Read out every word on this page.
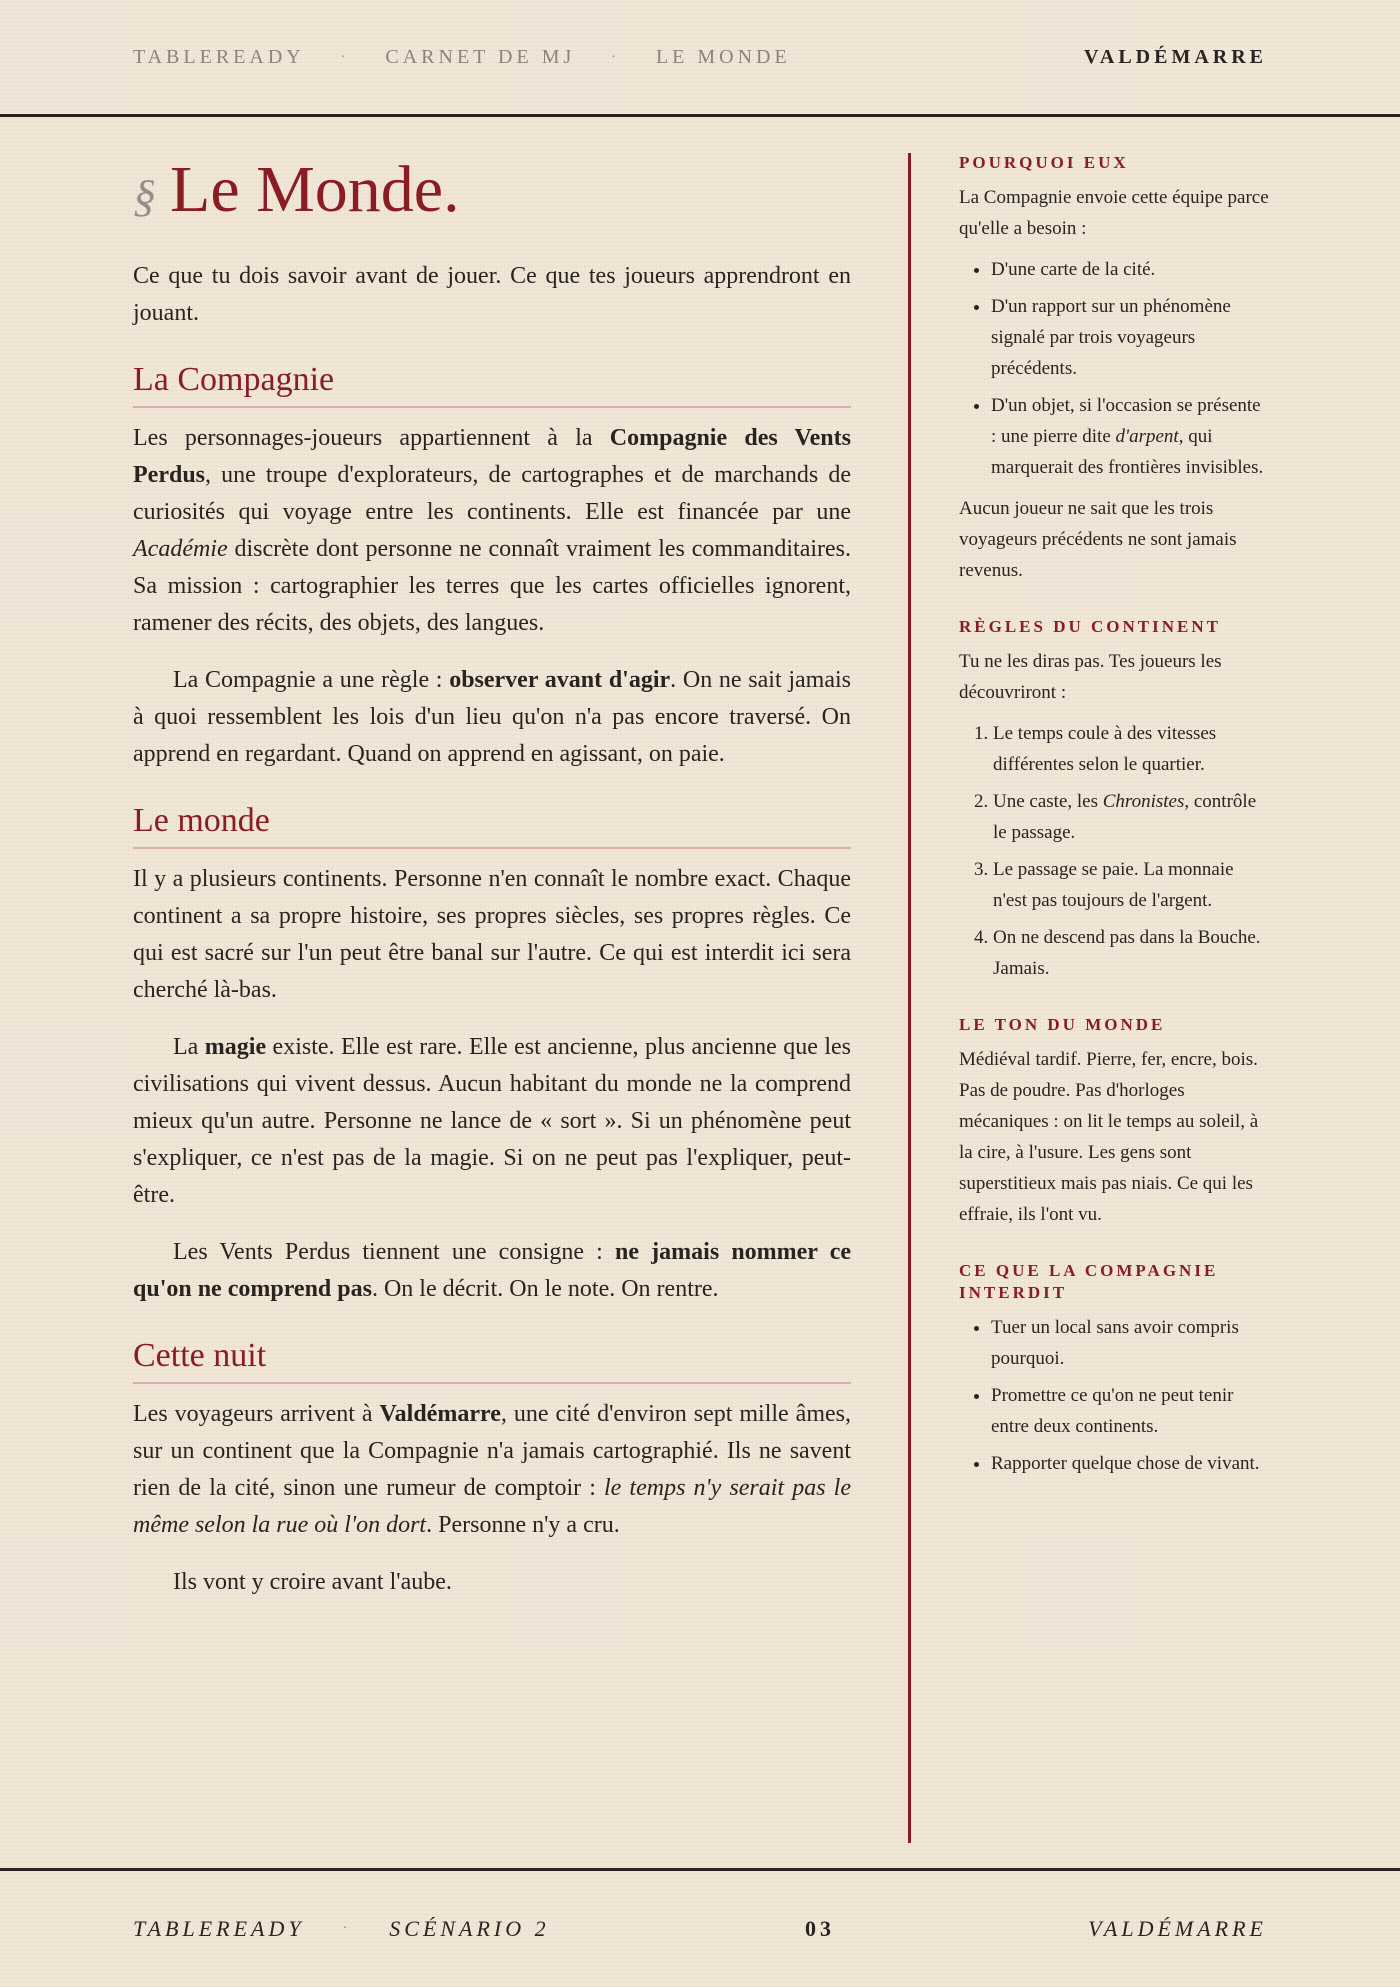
TABLEREADY	· CARNET DE MJ	· LE MONDE	VALDÉMARRE
§ Le Monde.

Ce que tu dois savoir avant de jouer. Ce que tes joueurs apprendront en jouant.

La Compagnie

Les personnages-joueurs appartiennent à la Compagnie des Vents Perdus, une troupe d'explorateurs, de cartographes et de marchands de curiosités qui voyage entre les continents. Elle est financée par une Académie discrète dont personne ne connaît vraiment les commanditaires. Sa mission : cartographier les terres que les cartes officielles ignorent, ramener des récits, des objets, des langues.

La Compagnie a une règle : observer avant d'agir. On ne sait jamais à quoi ressemblent les lois d'un lieu qu'on n'a pas encore traversé. On apprend en regardant. Quand on apprend en agissant, on paie.

Le monde

Il y a plusieurs continents. Personne n'en connaît le nombre exact. Chaque continent a sa propre histoire, ses propres siècles, ses propres règles. Ce qui est sacré sur l'un peut être banal sur l'autre. Ce qui est interdit ici sera cherché là-bas.

La magie existe. Elle est rare. Elle est ancienne, plus ancienne que les civilisations qui vivent dessus. Aucun habitant du monde ne la comprend mieux qu'un autre. Personne ne lance de « sort ». Si un phénomène peut s'expliquer, ce n'est pas de la magie. Si on ne peut pas l'expliquer, peut-être.

Les Vents Perdus tiennent une consigne : ne jamais nommer ce qu'on ne comprend pas. On le décrit. On le note. On rentre.

Cette nuit

Les voyageurs arrivent à Valdémarre, une cité d'environ sept mille âmes, sur un continent que la Compagnie n'a jamais cartographié. Ils ne savent rien de la cité, sinon une rumeur de comptoir : le temps n'y serait pas le même selon la rue où l'on dort. Personne n'y a cru.

Ils vont y croire avant l'aube.

POURQUOI EUX

La Compagnie envoie cette équipe parce qu'elle a besoin :

• D'une carte de la cité.
• D'un rapport sur un phénomène signalé par trois voyageurs précédents.
• D'un objet, si l'occasion se présente : une pierre dite d'arpent, qui marquerait des frontières invisibles.

Aucun joueur ne sait que les trois voyageurs précédents ne sont jamais revenus.

RÈGLES DU CONTINENT

Tu ne les diras pas. Tes joueurs les découvriront :

1. Le temps coule à des vitesses différentes selon le quartier.
2. Une caste, les Chronistes, contrôle le passage.
3. Le passage se paie. La monnaie n'est pas toujours de l'argent.
4. On ne descend pas dans la Bouche. Jamais.
LE TON DU MONDE

Médiéval tardif. Pierre, fer, encre, bois. Pas de poudre. Pas d'horloges mécaniques : on lit le temps au soleil, à la cire, à l'usure. Les gens sont superstitieux mais pas niais. Ce qui les effraie, ils l'ont vu.

CE QUE LA COMPAGNIE INTERDIT
• Tuer un local sans avoir compris pourquoi.
• Promettre ce qu'on ne peut tenir entre deux continents.
• Rapporter quelque chose de vivant.
TABLEREADY	· SCÉNARIO 2	03	VALDÉMARRE
